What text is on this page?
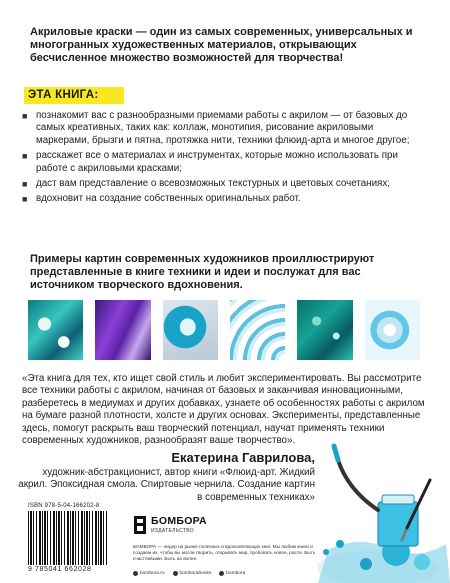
Акриловые краски — один из самых современных, универсальных и многогранных художественных материалов, открывающих бесчисленное множество возможностей для творчества!
ЭТА КНИГА:
■ познакомит вас с разнообразными приемами работы с акрилом — от базовых до самых креативных, таких как: коллаж, монотипия, рисование акриловыми маркерами, брызги и пятна, протяжка нити, техники флюид-арта и многое другое;
■ расскажет все о материалах и инструментах, которые можно использовать при работе с акриловыми красками;
■ даст вам представление о всевозможных текстурных и цветовых сочетаниях;
■ вдохновит на создание собственных оригинальных работ.
Примеры картин современных художников проиллюстрируют представленные в книге техники и идеи и послужат для вас источником творческого вдохновения.
«Эта книга для тех, кто ищет свой стиль и любит экспериментировать. Вы рассмотрите все техники работы с акрилом, начиная от базовых и заканчивая инновационными, разберетесь в медиумах и других добавках, узнаете об особенностях работы с акрилом на бумаге разной плотности, холсте и других основах. Эксперименты, представленные здесь, помогут раскрыть ваш творческий потенциал, научат применять техники современных художников, разнообразят ваше творчество».
Екатерина Гаврилова,
художник-абстракционист, автор книги «Флюид-арт. Жидкий акрил. Эпоксидная смола. Спиртовые чернила. Создание картин в современных техниках»
ISBN 978-5-04-166202-8
9 785041 662028
БОМБОРА
ИЗДАТЕЛЬСТВО
БОМБОРА — лидер на рынке полезных и вдохновляющих книг. Мы любим книги и создаем их, чтобы вы могли творить, открывать мир, пробовать новое, расти. Быть счастливыми. Быть на волне.
bombora.ru	bomborabooks	bombora
